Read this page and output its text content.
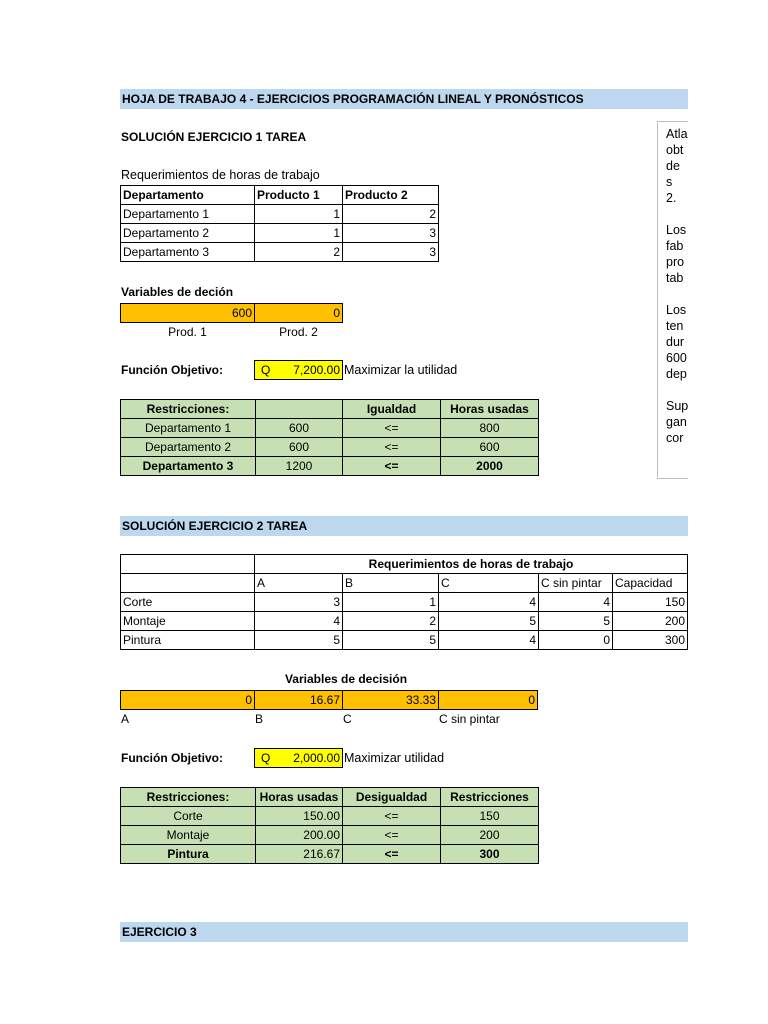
HOJA DE TRABAJO 4 - EJERCICIOS PROGRAMACIÓN LINEAL Y PRONÓSTICOS
SOLUCIÓN EJERCICIO 1 TAREA
Requerimientos de horas de trabajo
Departamento	Producto 1	Producto 2
Departamento 1	1	2
Departamento 2	1	3
Departamento 3	2	3
Variables de deción
600	0
Prod. 1	Prod. 2
Función Objetivo:	Q 7,200.00 Maximizar la utilidad
Restricciones:		Igualdad	Horas usadas
Departamento 1	600	<=	800
Departamento 2	600	<=	600
Departamento 3	1200	<=	2000
Atla
obt
de s
2.

Los
fab
pro
tab

Los
ten
dur
600
dep

Sup
gan
cor
SOLUCIÓN EJERCICIO 2 TAREA
	Requerimientos de horas de trabajo				
	A	B	C	C sin pintar	Capacidad
Corte	3	1	4	4	150
Montaje	4	2	5	5	200
Pintura	5	5	4	0	300
Variables de decisión
0	16.67	33.33	0
A	B	C	C sin pintar
Función Objetivo:	Q 2,000.00 Maximizar utilidad
Restricciones:	Horas usadas	Desigualdad	Restricciones
Corte	150.00	<=	150
Montaje	200.00	<=	200
Pintura	216.67	<=	300
EJERCICIO 3
